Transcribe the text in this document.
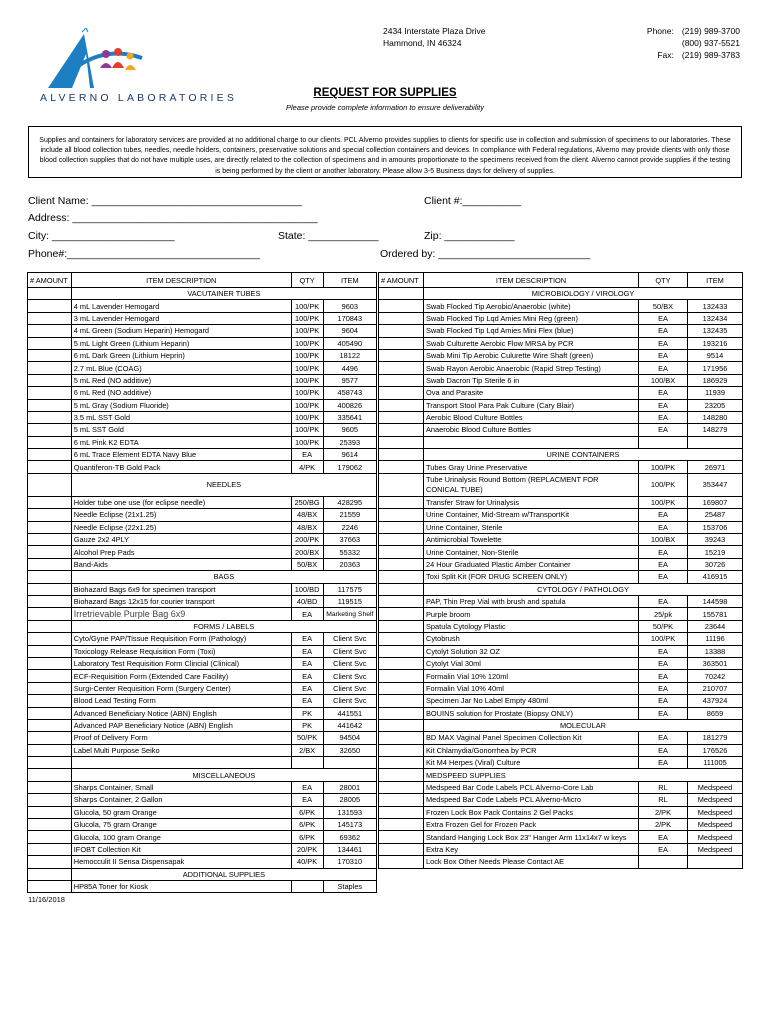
ALVERNO LABORATORIES
2434 Interstate Plaza Drive
Hammond, IN 46324
Phone: (219) 989-3700
(800) 937-5521
Fax: (219) 989-3783
REQUEST FOR SUPPLIES
Please provide complete information to ensure deliverability
Supplies and containers for laboratory services are provided at no additional charge to our clients. PCL Alverno provides supplies to clients for specific use in collection and submission of specimens to our laboratories. These include all blood collection tubes, needles, needle holders, containers, preservative solutions and special collection containers and devices. In compliance with Federal regulations, Alverno may provide clients with only those blood collection supplies that do not have multiple uses, are directly related to the collection of specimens and in amounts proportionate to the specimens received from the client. Alverno cannot provide supplies if the testing is being performed by the client or another laboratory. Please allow 3-5 Business days for delivery of supplies.
Client Name: ____________________________________	Client #:__________
Address: __________________________________________
City: _____________________	State: ____________	Zip: ____________
Phone#:_________________________________	Ordered by: __________________________
# AMOUNT	ITEM DESCRIPTION	QTY	ITEM
	VACUTAINER TUBES		
	4 mL Lavender Hemogard	100/PK	9603
	3 mL Lavender Hemogard	100/PK	170843
	4 mL Green (Sodium Heparin) Hemogard	100/PK	9604
	5 mL Light Green (Lithium Heparin)	100/PK	405490
	6 mL Dark Green (Lithium Heprin)	100/PK	18122
	2.7 mL Blue (COAG)	100/PK	4496
	5 mL Red (NO additive)	100/PK	9577
	6 mL Red (NO additive)	100/PK	458743
	5 mL Gray (Sodium Fluoride)	100/PK	400826
	3.5 mL SST Gold	100/PK	335641
	5 mL SST Gold	100/PK	9605
	6 mL Pink K2 EDTA	100/PK	25393
	6 mL Trace Element EDTA Navy Blue	EA	9614
	Quantiferon-TB Gold Pack	4/PK	179062
	NEEDLES		
	Holder tube one use (for eclipse needle)	250/BG	428295
	Needle Eclipse (21x1.25)	48/BX	21559
	Needle Eclipse (22x1.25)	48/BX	2246
	Gauze 2x2 4PLY	200/PK	37663
	Alcohol Prep Pads	200/BX	55332
	Band-Aids	50/BX	20363
	BAGS		
	Biohazard Bags 6x9 for specimen transport	100/BD	117575
	Biohazard Bags 12x15 for courier transport	40/BD	119515
	Irretrievable Purple Bag 6x9	EA	Marketing Shelf
	FORMS / LABELS		
	Cyto/Gyne PAP/Tissue Requisition Form (Pathology)	EA	Client Svc
	Toxicology Release Requisition Form (Toxi)	EA	Client Svc
	Laboratory Test Requisition Form Clincial (Clinical)	EA	Client Svc
	ECF-Requisition Form (Extended Care Facility)	EA	Client Svc
	Surgi-Center Requisition Form (Surgery Center)	EA	Client Svc
	Blood Lead Testing Form	EA	Client Svc
	Advanced Beneficiary Notice (ABN) English	PK	441551
	Advanced PAP Beneficiary Notice (ABN) English	PK	441642
	Proof of Delivery Form	50/PK	94504
	Label Multi Purpose Seiko	2/BX	32650

	MISCELLANEOUS		
	Sharps Container, Small	EA	28001
	Sharps Container, 2 Gallon	EA	28005
	Glucola, 50 gram Orange	6/PK	131593
	Glucola, 75 gram Orange	6/PK	145173
	Glucola, 100 gram Orange	6/PK	69362
	IFOBT Collection Kit	20/PK	134461
	Hemocculit II Sensa Dispensapak	40/PK	170310
	ADDITIONAL SUPPLIES		
	HP85A Toner for Kiosk		Staples
# AMOUNT	ITEM DESCRIPTION	QTY	ITEM
	MICROBIOLOGY / VIROLOGY		
	Swab Flocked Tip Aerobic/Anaerobic (white)	50/BX	132433
	Swab Flocked Tip Lqd Amies Mini Reg (green)	EA	132434
	Swab Flocked Tip Lqd Amies Mini Flex (blue)	EA	132435
	Swab Culturette Aerobic Flow MRSA by PCR	EA	193216
	Swab Mini Tip Aerobic Culurette Wire Shaft (green)	EA	9514
	Swab Rayon Aerobic Anaerobic (Rapid Strep Testing)	EA	171956
	Swab Dacron Tip Sterile 6 in	100/BX	186929
	Ova and Parasite	EA	11939
	Transport Stool Para Pak Culture (Cary Blair)	EA	23205
	Aerobic Blood Culture Bottles	EA	148280
	Anaerobic Blood Culture Bottles	EA	148279

	URINE CONTAINERS		
	Tubes Gray Urine Preservative	100/PK	26971

	Tube Urinalysis Round Bottom (REPLACMENT FOR
CONICAL TUBE)	100/PK	353447
	Transfer Straw for Urinalysis	100/PK	169807
	Urine Container, Mid-Stream w/TransportKit	EA	25487
	Urine Container, Sterile	EA	153706
	Antimicrobial Towelette	100/BX	39243
	Urine Container, Non-Sterile	EA	15219
	24 Hour Graduated Plastic Amber Container	EA	30726
	Toxi Split Kit (FOR DRUG SCREEN ONLY)	EA	416915
	CYTOLOGY / PATHOLOGY		
	PAP, Thin Prep Vial with brush and spatula	EA	144598
	Purple broom	25/pk	155781
	Spatula Cytology Plastic	50/PK	23644
	Cytobrush	100/PK	11196
	Cytolyt Solution 32 OZ	EA	13388
	Cytolyt Vial 30ml	EA	363501
	Formalin Vial 10% 120ml	EA	70242
	Formalin Vial 10% 40ml	EA	210707
	Specimen Jar No Label Empty 480ml	EA	437924
	BOUINS solution for Prostate (Biopsy ONLY)	EA	8659
	MOLECULAR		
	BD MAX Vaginal Panel Specimen Collection Kit	EA	181279
	Kit Chlamydia/Gonorrhea by PCR	EA	176526
	Kit M4 Herpes (Viral) Culture	EA	111005
	MEDSPEED SUPPLIES		
	Medspeed Bar Code Labels PCL Alverno-Core Lab	RL	Medspeed
	Medspeed Bar Code Labels PCL Alverno-Micro	RL	Medspeed
	Frozen Lock Box Pack Contains 2 Gel Packs	2/PK	Medspeed
	Extra Frozen Gel for Frozen Pack	2/PK	Medspeed
	Standard Hanging Lock Box 23" Hanger Arm 11x14x7 w keys	EA	Medspeed
	Extra Key	EA	Medspeed
	Lock Box Other Needs Please Contact AE		
11/16/2018
